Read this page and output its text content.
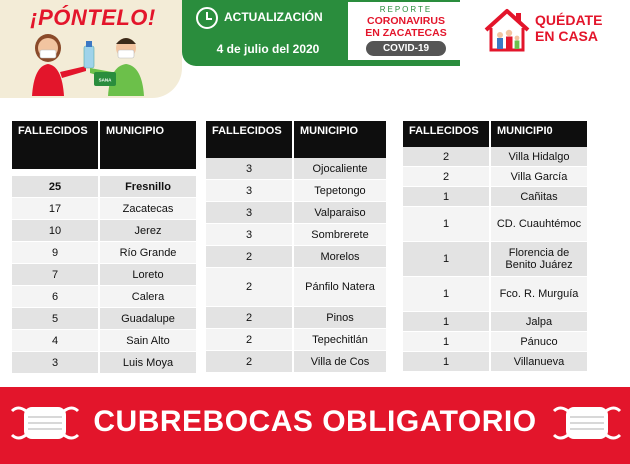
¡PÓNTELO!
SANA
ACTUALIZACIÓN
4 de julio del 2020
REPORTE
CORONAVIRUS
EN ZACATECAS
COVID-19
QUÉDATE
EN CASA
FALLECIDOS	MUNICIPIO

25	Fresnillo
17	Zacatecas
10	Jerez
9	Río Grande
7	Loreto
6	Calera
5	Guadalupe
4	Sain Alto
3	Luis Moya
FALLECIDOS	MUNICIPIO
3	Ojocaliente
3	Tepetongo
3	Valparaiso
3	Sombrerete
2	Morelos
2	Pánfilo Natera
2	Pinos
2	Tepechitlán
2	Villa de Cos
FALLECIDOS	MUNICIPI0
2	Villa Hidalgo
2	Villa García
1	Cañitas
1	CD. Cuauhtémoc
1	Florencia de Benito Juárez
1	Fco. R. Murguía
1	Jalpa
1	Pánuco
1	Villanueva
CUBREBOCAS OBLIGATORIO
